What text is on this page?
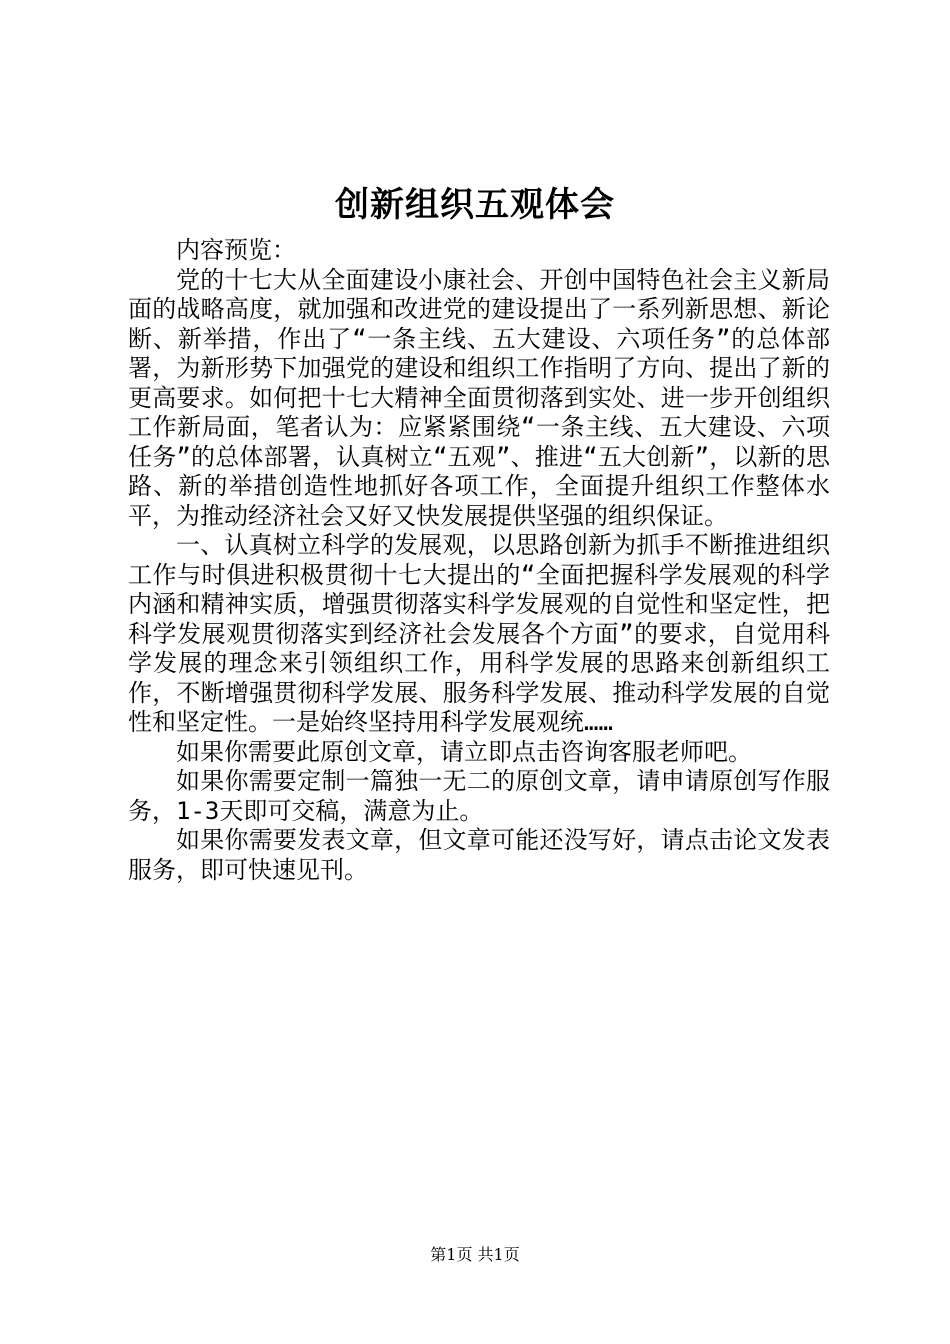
创新组织五观体会

内容预览：

党的十七大从全面建设小康社会、开创中国特色社会主义新局面的战略高度，就加强和改进党的建设提出了一系列新思想、新论断、新举措，作出了“一条主线、五大建设、六项任务”的总体部署，为新形势下加强党的建设和组织工作指明了方向、提出了新的更高要求。如何把十七大精神全面贯彻落到实处、进一步开创组织工作新局面，笔者认为：应紧紧围绕“一条主线、五大建设、六项任务”的总体部署，认真树立“五观”、推进“五大创新”，以新的思路、新的举措创造性地抓好各项工作，全面提升组织工作整体水平，为推动经济社会又好又快发展提供坚强的组织保证。

一、认真树立科学的发展观，以思路创新为抓手不断推进组织工作与时俱进积极贯彻十七大提出的“全面把握科学发展观的科学内涵和精神实质，增强贯彻落实科学发展观的自觉性和坚定性，把科学发展观贯彻落实到经济社会发展各个方面”的要求，自觉用科学发展的理念来引领组织工作，用科学发展的思路来创新组织工作，不断增强贯彻科学发展、服务科学发展、推动科学发展的自觉性和坚定性。一是始终坚持用科学发展观统……

如果你需要此原创文章，请立即点击咨询客服老师吧。

如果你需要定制一篇独一无二的原创文章，请申请原创写作服务，1-3天即可交稿，满意为止。

如果你需要发表文章，但文章可能还没写好，请点击论文发表服务，即可快速见刊。

第1页 共1页
